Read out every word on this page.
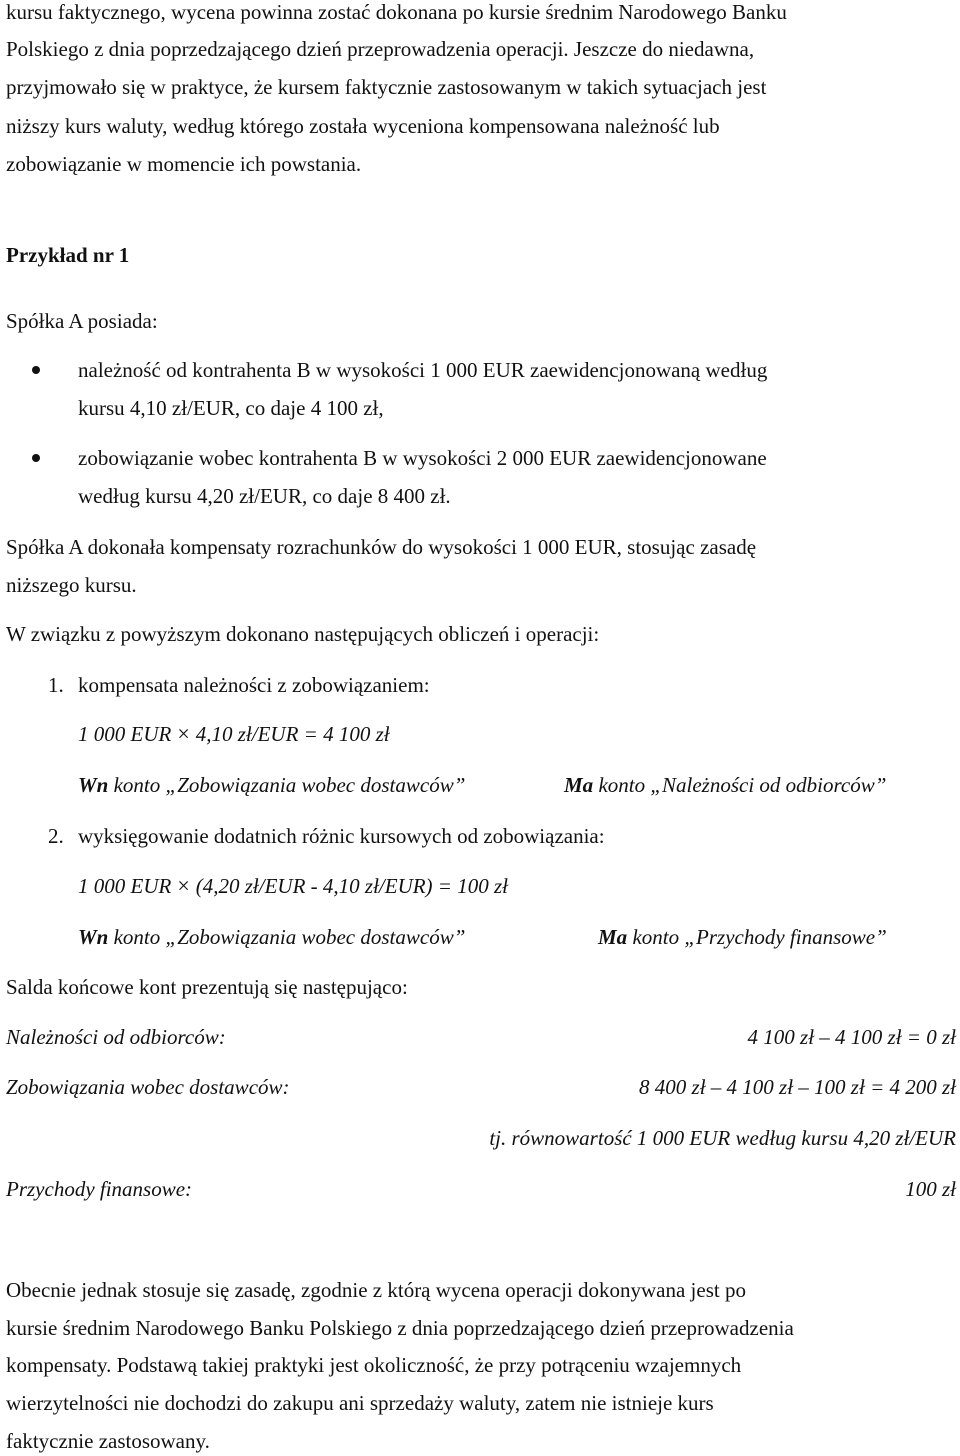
kursu faktycznego, wycena powinna zostać dokonana po kursie średnim Narodowego Banku
Polskiego z dnia poprzedzającego dzień przeprowadzenia operacji. Jeszcze do niedawna,
przyjmowało się w praktyce, że kursem faktycznie zastosowanym w takich sytuacjach jest
niższy kurs waluty, według którego została wyceniona kompensowana należność lub
zobowiązanie w momencie ich powstania.
Przykład nr 1
Spółka A posiada:
należność od kontrahenta B w wysokości 1 000 EUR zaewidencjonowaną według
kursu 4,10 zł/EUR, co daje 4 100 zł,
zobowiązanie wobec kontrahenta B w wysokości 2 000 EUR zaewidencjonowane
według kursu 4,20 zł/EUR, co daje 8 400 zł.
Spółka A dokonała kompensaty rozrachunków do wysokości 1 000 EUR, stosując zasadę
niższego kursu.
W związku z powyższym dokonano następujących obliczeń i operacji:
1. kompensata należności z zobowiązaniem:
1 000 EUR × 4,10 zł/EUR = 4 100 zł
Wn konto „Zobowiązania wobec dostawców”	Ma konto „Należności od odbiorców”
2. wyksięgowanie dodatnich różnic kursowych od zobowiązania:
1 000 EUR × (4,20 zł/EUR - 4,10 zł/EUR) = 100 zł
Wn konto „Zobowiązania wobec dostawców”	Ma konto „Przychody finansowe”
Salda końcowe kont prezentują się następująco:
Należności od odbiorców:	4 100 zł – 4 100 zł = 0 zł
Zobowiązania wobec dostawców:	8 400 zł – 4 100 zł – 100 zł = 4 200 zł
tj. równowartość 1 000 EUR według kursu 4,20 zł/EUR
Przychody finansowe:	100 zł
Obecnie jednak stosuje się zasadę, zgodnie z którą wycena operacji dokonywana jest po
kursie średnim Narodowego Banku Polskiego z dnia poprzedzającego dzień przeprowadzenia
kompensaty. Podstawą takiej praktyki jest okoliczność, że przy potrąceniu wzajemnych
wierzytelności nie dochodzi do zakupu ani sprzedaży waluty, zatem nie istnieje kurs
faktycznie zastosowany.
